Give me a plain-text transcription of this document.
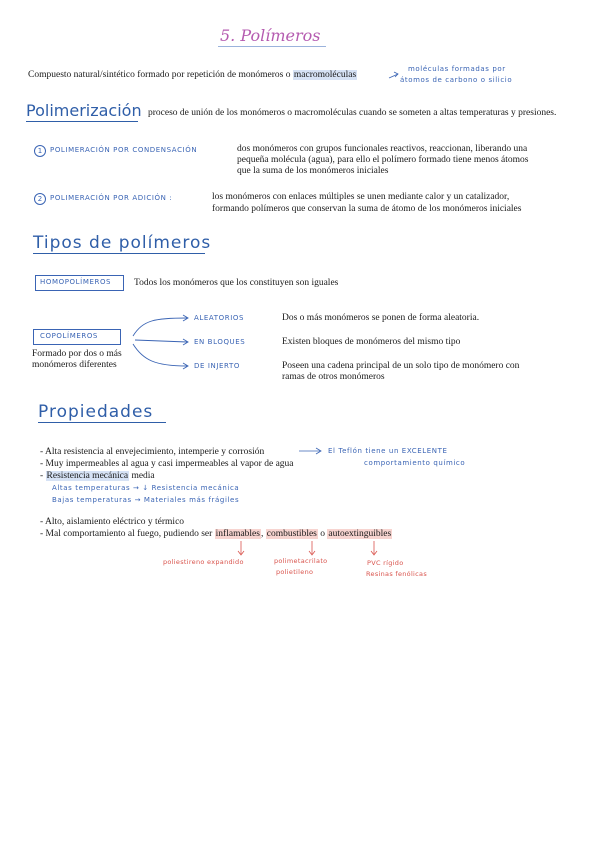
5. Polímeros
Compuesto natural/sintético formado por repetición de monómeros o macromoléculas
moléculas formadas por
átomos de carbono o silicio
Polimerización proceso de unión de los monómeros o macromoléculas cuando se someten a altas temperaturas y presiones.
1	POLIMERACIÓN POR CONDENSACIÓN	dos monómeros con grupos funcionales reactivos, reaccionan, liberando una
pequeña molécula (agua), para ello el polímero formado tiene menos átomos
que la suma de los monómeros iniciales
2	POLIMERACIÓN POR ADICIÓN :	los monómeros con enlaces múltiples se unen mediante calor y un catalizador,
formando polímeros que conservan la suma de átomo de los monómeros iniciales
Tipos de polímeros
HOMOPOLÍMEROS Todos los monómeros que los constituyen son iguales
COPOLÍMEROS
Formado por dos o más
monómeros diferentes
ALEATORIOS	Dos o más monómeros se ponen de forma aleatoria.
EN BLOQUES	Existen bloques de monómeros del mismo tipo
DE INJERTO	Poseen una cadena principal de un solo tipo de monómero con
ramas de otros monómeros
Propiedades
- Alta resistencia al envejecimiento, intemperie y corrosión	El Teflón tiene un EXCELENTE
comportamiento químico
- Muy impermeables al agua y casi impermeables al vapor de agua
- Resistencia mecánica media
Altas temperaturas → ↓ Resistencia mecánica
Bajas temperaturas → Materiales más frágiles
- Alto, aislamiento eléctrico y térmico
- Mal comportamiento al fuego, pudiendo ser inflamables, combustibles o autoextinguibles
poliestireno expandido	polimetacrilato
polietileno
PVC rígido
Resinas fenólicas
